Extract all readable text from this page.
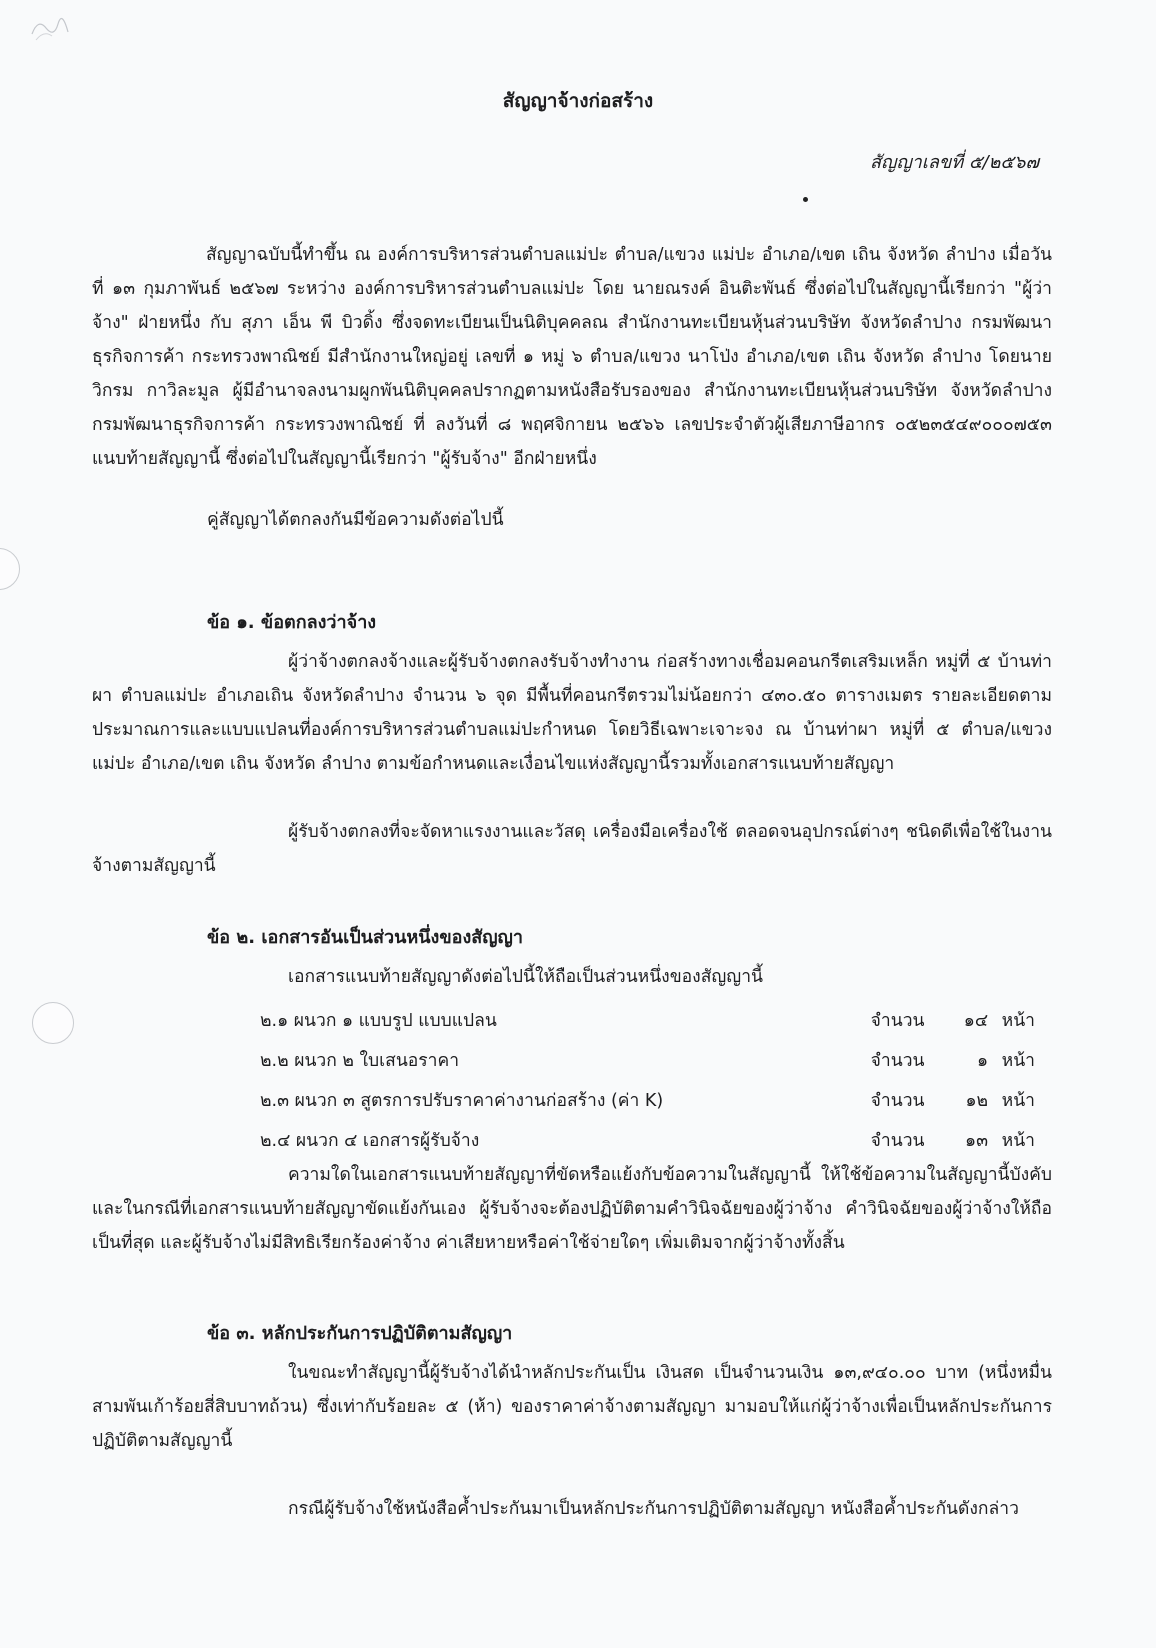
สัญญาจ้างก่อสร้าง
สัญญาเลขที่ ๕/๒๕๖๗
สัญญาฉบับนี้ทำขึ้น ณ องค์การบริหารส่วนตำบลแม่ปะ ตำบล/แขวง แม่ปะ อำเภอ/เขต เถิน จังหวัด ลำปาง เมื่อวันที่ ๑๓ กุมภาพันธ์ ๒๕๖๗ ระหว่าง องค์การบริหารส่วนตำบลแม่ปะ โดย นายณรงค์ อินติะพันธ์ ซึ่งต่อไปในสัญญานี้เรียกว่า "ผู้ว่าจ้าง" ฝ่ายหนึ่ง กับ สุภา เอ็น พี บิวดิ้ง ซึ่งจดทะเบียนเป็นนิติบุคคลณ สำนักงานทะเบียนหุ้นส่วนบริษัท จังหวัดลำปาง กรมพัฒนาธุรกิจการค้า กระทรวงพาณิชย์ มีสำนักงานใหญ่อยู่ เลขที่ ๑ หมู่ ๖ ตำบล/แขวง นาโป่ง อำเภอ/เขต เถิน จังหวัด ลำปาง โดยนายวิกรม กาวิละมูล ผู้มีอำนาจลงนามผูกพันนิติบุคคลปรากฏตามหนังสือรับรองของ สำนักงานทะเบียนหุ้นส่วนบริษัท จังหวัดลำปาง กรมพัฒนาธุรกิจการค้า กระทรวงพาณิชย์ ที่ ลงวันที่ ๘ พฤศจิกายน ๒๕๖๖ เลขประจำตัวผู้เสียภาษีอากร ๐๕๒๓๕๔๙๐๐๐๗๕๓ แนบท้ายสัญญานี้ ซึ่งต่อไปในสัญญานี้เรียกว่า "ผู้รับจ้าง" อีกฝ่ายหนึ่ง
คู่สัญญาได้ตกลงกันมีข้อความดังต่อไปนี้
ข้อ ๑. ข้อตกลงว่าจ้าง
ผู้ว่าจ้างตกลงจ้างและผู้รับจ้างตกลงรับจ้างทำงาน ก่อสร้างทางเชื่อมคอนกรีตเสริมเหล็ก หมู่ที่ ๕ บ้านท่าผา ตำบลแม่ปะ อำเภอเถิน จังหวัดลำปาง จำนวน ๖ จุด มีพื้นที่คอนกรีตรวมไม่น้อยกว่า ๔๓๐.๕๐ ตารางเมตร รายละเอียดตามประมาณการและแบบแปลนที่องค์การบริหารส่วนตำบลแม่ปะกำหนด โดยวิธีเฉพาะเจาะจง ณ บ้านท่าผา หมู่ที่ ๕ ตำบล/แขวง แม่ปะ อำเภอ/เขต เถิน จังหวัด ลำปาง ตามข้อกำหนดและเงื่อนไขแห่งสัญญานี้รวมทั้งเอกสารแนบท้ายสัญญา
ผู้รับจ้างตกลงที่จะจัดหาแรงงานและวัสดุ เครื่องมือเครื่องใช้ ตลอดจนอุปกรณ์ต่างๆ ชนิดดีเพื่อใช้ในงานจ้างตามสัญญานี้
ข้อ ๒. เอกสารอันเป็นส่วนหนึ่งของสัญญา
เอกสารแนบท้ายสัญญาดังต่อไปนี้ให้ถือเป็นส่วนหนึ่งของสัญญานี้
๒.๑ ผนวก ๑ แบบรูป แบบแปลน	จำนวน ๑๔ หน้า
๒.๒ ผนวก ๒ ใบเสนอราคา	จำนวน	๑ หน้า
๒.๓ ผนวก ๓ สูตรการปรับราคาค่างานก่อสร้าง (ค่า K)	จำนวน ๑๒ หน้า
๒.๔ ผนวก ๔ เอกสารผู้รับจ้าง	จำนวน ๑๓ หน้า
ความใดในเอกสารแนบท้ายสัญญาที่ขัดหรือแย้งกับข้อความในสัญญานี้ ให้ใช้ข้อความในสัญญานี้บังคับ และในกรณีที่เอกสารแนบท้ายสัญญาขัดแย้งกันเอง ผู้รับจ้างจะต้องปฏิบัติตามคำวินิจฉัยของผู้ว่าจ้าง คำวินิจฉัยของผู้ว่าจ้างให้ถือเป็นที่สุด และผู้รับจ้างไม่มีสิทธิเรียกร้องค่าจ้าง ค่าเสียหายหรือค่าใช้จ่ายใดๆ เพิ่มเติมจากผู้ว่าจ้างทั้งสิ้น
ข้อ ๓. หลักประกันการปฏิบัติตามสัญญา
ในขณะทำสัญญานี้ผู้รับจ้างได้นำหลักประกันเป็น เงินสด เป็นจำนวนเงิน ๑๓,๙๔๐.๐๐ บาท (หนึ่งหมื่นสามพันเก้าร้อยสี่สิบบาทถ้วน) ซึ่งเท่ากับร้อยละ ๕ (ห้า) ของราคาค่าจ้างตามสัญญา มามอบให้แก่ผู้ว่าจ้างเพื่อเป็นหลักประกันการปฏิบัติตามสัญญานี้
กรณีผู้รับจ้างใช้หนังสือค้ำประกันมาเป็นหลักประกันการปฏิบัติตามสัญญา หนังสือค้ำประกันดังกล่าว
